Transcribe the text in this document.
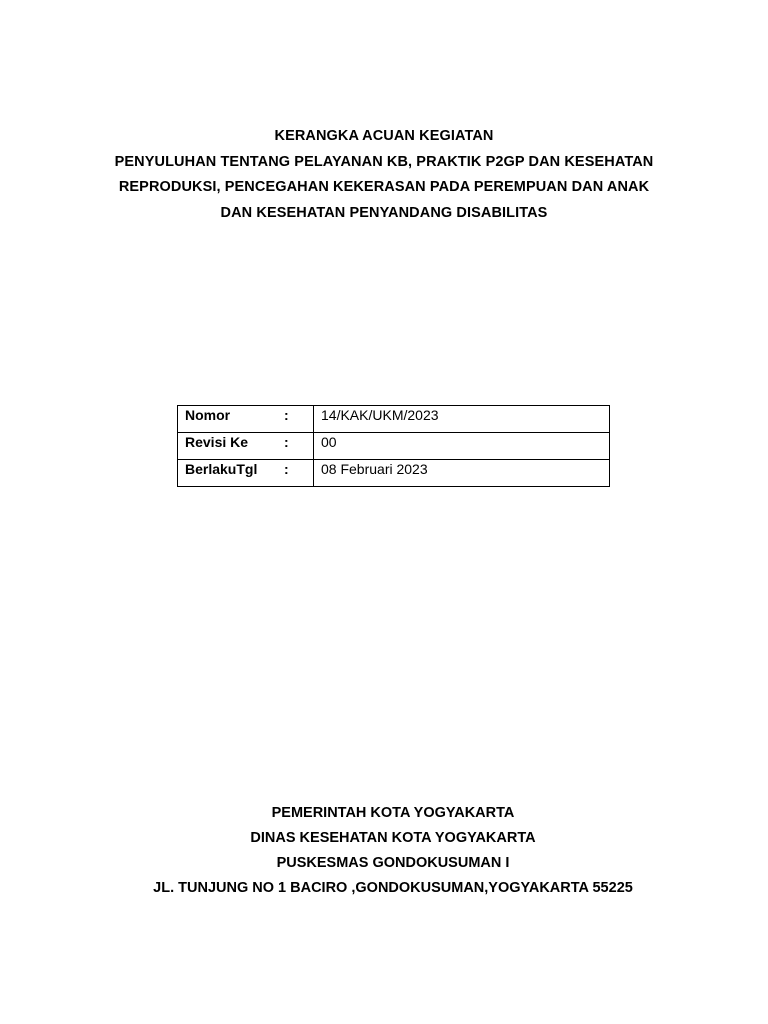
KERANGKA ACUAN KEGIATAN
PENYULUHAN TENTANG PELAYANAN KB, PRAKTIK P2GP DAN KESEHATAN
REPRODUKSI, PENCEGAHAN KEKERASAN PADA PEREMPUAN DAN ANAK
DAN KESEHATAN PENYANDANG DISABILITAS
Nomor	:	14/KAK/UKM/2023
Revisi Ke	:	00
BerlakuTgl	:	08 Februari 2023
PEMERINTAH KOTA YOGYAKARTA
DINAS KESEHATAN KOTA YOGYAKARTA
PUSKESMAS GONDOKUSUMAN I
JL. TUNJUNG NO 1 BACIRO ,GONDOKUSUMAN,YOGYAKARTA 55225
